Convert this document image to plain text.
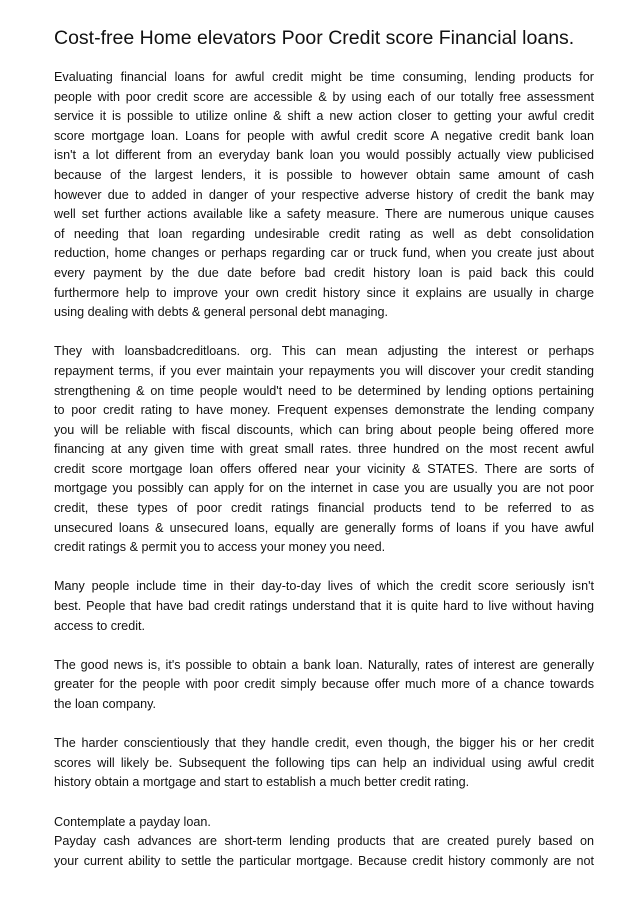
Cost-free Home elevators Poor Credit score Financial loans.
Evaluating financial loans for awful credit might be time consuming, lending products for
people with poor credit score are accessible & by using each of our totally free assessment
service it is possible to utilize online & shift a new action closer to getting your awful credit
score mortgage loan. Loans for people with awful credit score A negative credit bank loan
isn't a lot different from an everyday bank loan you would possibly actually view publicised
because of the largest lenders, it is possible to however obtain same amount of cash
however due to added in danger of your respective adverse history of credit the bank may
well set further actions available like a safety measure. There are numerous unique causes
of needing that loan regarding undesirable credit rating as well as debt consolidation
reduction, home changes or perhaps regarding car or truck fund, when you create just about
every payment by the due date before bad credit history loan is paid back this could
furthermore help to improve your own credit history since it explains are usually in charge
using dealing with debts & general personal debt managing.
They with loansbadcreditloans. org. This can mean adjusting the interest or perhaps
repayment terms, if you ever maintain your repayments you will discover your credit standing
strengthening & on time people would't need to be determined by lending options pertaining
to poor credit rating to have money. Frequent expenses demonstrate the lending company
you will be reliable with fiscal discounts, which can bring about people being offered more
financing at any given time with great small rates. three hundred on the most recent awful
credit score mortgage loan offers offered near your vicinity & STATES. There are sorts of
mortgage you possibly can apply for on the internet in case you are usually you are not poor
credit, these types of poor credit ratings financial products tend to be referred to as
unsecured loans & unsecured loans, equally are generally forms of loans if you have awful
credit ratings & permit you to access your money you need.
Many people include time in their day-to-day lives of which the credit score seriously isn't
best. People that have bad credit ratings understand that it is quite hard to live without having
access to credit.
The good news is, it's possible to obtain a bank loan. Naturally, rates of interest are generally
greater for the people with poor credit simply because offer much more of a chance towards
the loan company.
The harder conscientiously that they handle credit, even though, the bigger his or her credit
scores will likely be. Subsequent the following tips can help an individual using awful credit
history obtain a mortgage and start to establish a much better credit rating.
Contemplate a payday loan.
Payday cash advances are short-term lending products that are created purely based on
your current ability to settle the particular mortgage. Because credit history commonly are not
